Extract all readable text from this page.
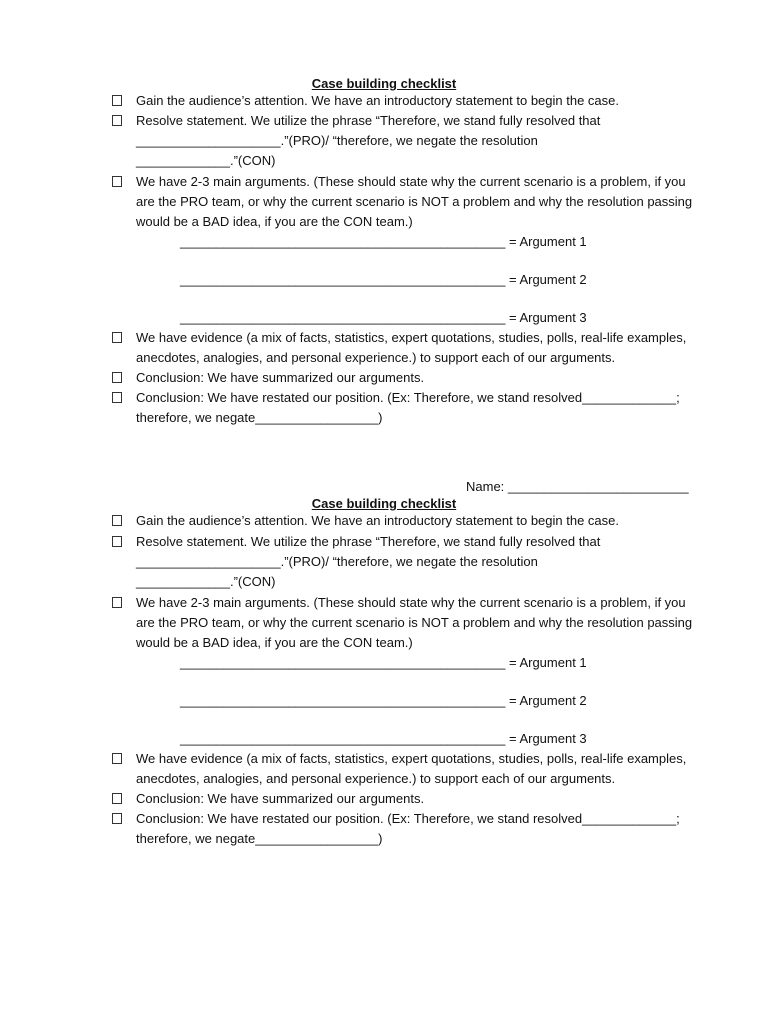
Case building checklist
Gain the audience’s attention. We have an introductory statement to begin the case.
Resolve statement. We utilize the phrase “Therefore, we stand fully resolved that
____________________.”(PRO)/ “therefore, we negate the resolution
_____________.”(CON)
We have 2-3 main arguments. (These should state why the current scenario is a problem, if you
are the PRO team, or why the current scenario is NOT a problem and why the resolution passing
would be a BAD idea, if you are the CON team.)
_____________________________________________ = Argument 1
_____________________________________________ = Argument 2
_____________________________________________ = Argument 3
We have evidence (a mix of facts, statistics, expert quotations, studies, polls, real-life examples,
anecdotes, analogies, and personal experience.) to support each of our arguments.
Conclusion: We have summarized our arguments.
Conclusion: We have restated our position. (Ex: Therefore, we stand resolved_____________;
therefore, we negate_________________)
Name: _________________________
Case building checklist
Gain the audience’s attention. We have an introductory statement to begin the case.
Resolve statement. We utilize the phrase “Therefore, we stand fully resolved that
____________________.”(PRO)/ “therefore, we negate the resolution
_____________.”(CON)
We have 2-3 main arguments. (These should state why the current scenario is a problem, if you
are the PRO team, or why the current scenario is NOT a problem and why the resolution passing
would be a BAD idea, if you are the CON team.)
_____________________________________________ = Argument 1
_____________________________________________ = Argument 2
_____________________________________________ = Argument 3
We have evidence (a mix of facts, statistics, expert quotations, studies, polls, real-life examples,
anecdotes, analogies, and personal experience.) to support each of our arguments.
Conclusion: We have summarized our arguments.
Conclusion: We have restated our position. (Ex: Therefore, we stand resolved_____________;
therefore, we negate_________________)
